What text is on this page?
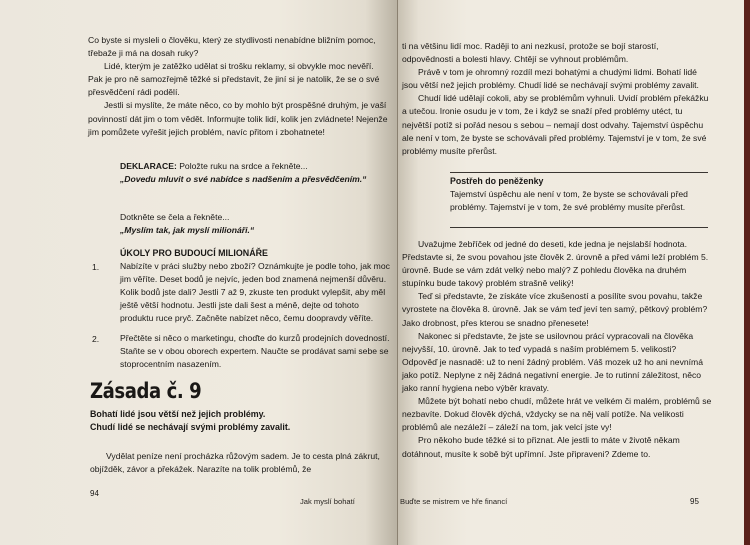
Co byste si mysleli o člověku, který ze stydlivosti nenabídne bližním pomoc, třebaže ji má na dosah ruky?

Lidé, kterým je zatěžko udělat si trošku reklamy, si obvykle moc nevěří. Pak je pro ně samozřejmě těžké si představit, že jiní si je natolik, že se o své přesvědčení rádi podělí.

Jestli si myslíte, že máte něco, co by mohlo být prospěšné druhým, je vaší povinností dát jim o tom vědět. Informujte tolik lidí, kolik jen zvládnete! Nejenže jim pomůžete vyřešit jejich problém, navíc přitom i zbohatnete!

DEKLARACE: Položte ruku na srdce a řekněte...

„Dovedu mluvit o své nabídce s nadšením a přesvědčením.“

Dotkněte se čela a řekněte...

„Myslím tak, jak myslí milionáři.“

ÚKOLY PRO BUDOUCÍ MILIONÁŘE
1. Nabízíte v práci služby nebo zboží? Oznámkujte je podle toho, jak moc jim věříte. Deset bodů je nejvíc, jeden bod znamená nejmenší důvěru. Kolik bodů jste dali? Jestli 7 až 9, zkuste ten produkt vylepšit, aby měl ještě větší hodnotu. Jestli jste dali šest a méně, dejte od tohoto produktu ruce pryč. Začněte nabízet něco, čemu doopravdy věříte.
2. Přečtěte si něco o marketingu, choďte do kurzů prodejních dovedností. Staňte se v obou oborech expertem. Naučte se prodávat sami sebe se stoprocentním nasazením.
Zásada č. 9

Bohatí lidé jsou větší než jejich problémy.

Chudí lidé se nechávají svými problémy zavalit.

Vydělat peníze není procházka růžovým sadem. Je to cesta plná zákrut, objížděk, závor a překážek. Narazíte na tolik problémů, že
94
Jak myslí bohatí

ti na většinu lidí moc. Raději to ani nezkusí, protože se bojí starostí, odpovědnosti a bolesti hlavy. Chtějí se vyhnout problémům.

Právě v tom je ohromný rozdíl mezi bohatými a chudými lidmi. Bohatí lidé jsou větší než jejich problémy. Chudí lidé se nechávají svými problémy zavalit.

Chudí lidé udělají cokoli, aby se problémům vyhnuli. Uvidí problém překážku a utečou. Ironie osudu je v tom, že i když se snaží před problémy utéct, tu největší potíž si pořád nesou s sebou – nemají dost odvahy. Tajemství úspěchu ale není v tom, že byste se schovávali před problémy. Tajemství je v tom, že své problémy musíte přerůst.

Postřeh do peněženky
Tajemství úspěchu ale není v tom, že byste se schovávali před problémy. Tajemství je v tom, že své problémy musíte přerůst.

Uvažujme žebříček od jedné do deseti, kde jedna je nejslabší hodnota. Představte si, že svou povahou jste člověk 2. úrovně a před vámi leží problém 5. úrovně. Bude se vám zdát velký nebo malý? Z pohledu člověka na druhém stupínku bude takový problém strašně veliký!

Teď si představte, že získáte více zkušeností a posílíte svou povahu, takže vyrostete na člověka 8. úrovně. Jak se vám teď jeví ten samý, pětkový problém? Jako drobnost, přes kterou se snadno přenesete!

Nakonec si představte, že jste se usilovnou prácí vypracovali na člověka nejvyšší, 10. úrovně. Jak to teď vypadá s naším problémem 5. velikosti? Odpověď je nasnadě: už to není žádný problém. Váš mozek už ho ani nevnímá jako potíž. Neplyne z něj žádná negativní energie. Je to rutinní záležitost, něco jako ranní hygiena nebo výběr kravaty.

Můžete být bohatí nebo chudí, můžete hrát ve velkém či malém, problémů se nezbavíte. Dokud člověk dýchá, vždycky se na něj valí potíže. Na velikosti problémů ale nezáleží – záleží na tom, jak velcí jste vy!

Pro někoho bude těžké si to přiznat. Ale jestli to máte v životě někam dotáhnout, musíte k sobě být upřímní. Jste připraveni? Zdeme to.

Buďte se mistrem ve hře financí	95
